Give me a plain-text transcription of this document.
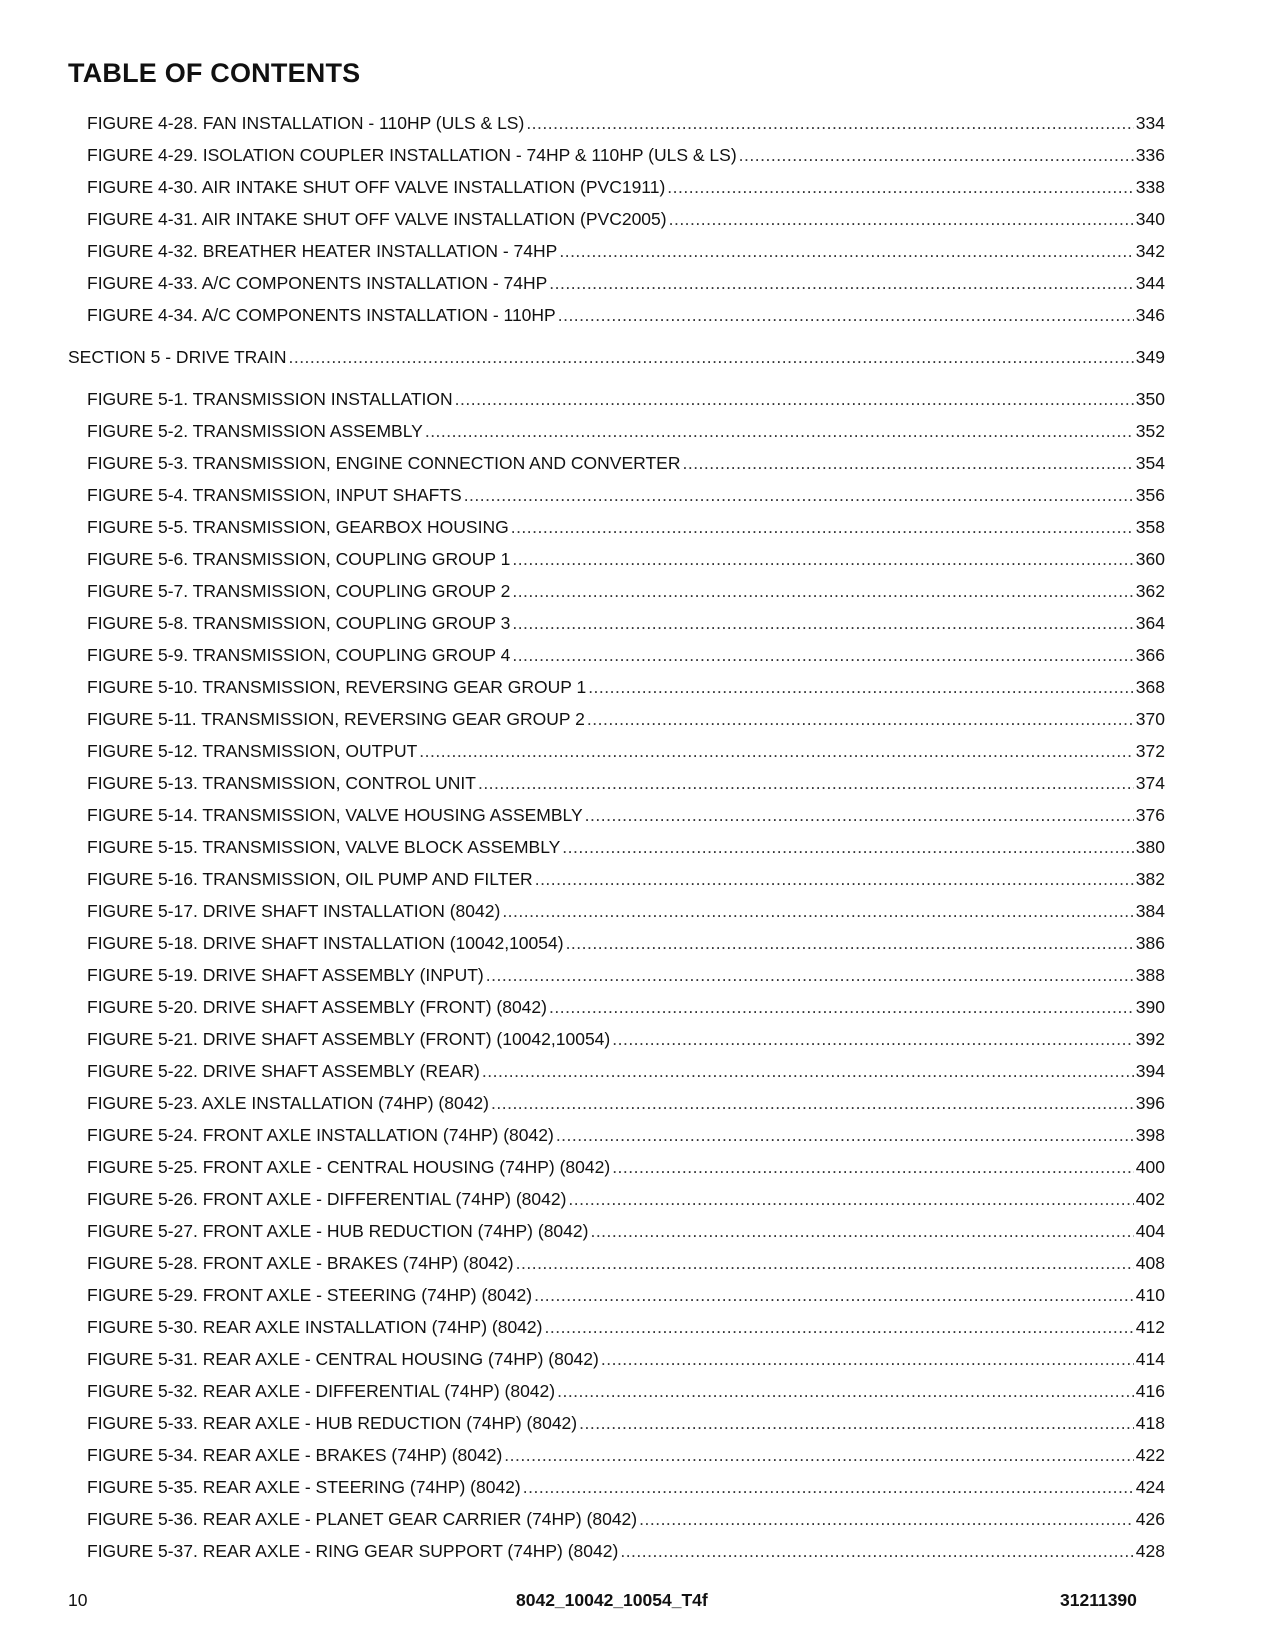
TABLE OF CONTENTS
FIGURE 4-28. FAN INSTALLATION - 110HP (ULS & LS) .....	334
FIGURE 4-29. ISOLATION COUPLER INSTALLATION - 74HP & 110HP (ULS & LS) .....	336
FIGURE 4-30. AIR INTAKE SHUT OFF VALVE INSTALLATION (PVC1911) .....	338
FIGURE 4-31. AIR INTAKE SHUT OFF VALVE INSTALLATION (PVC2005) .....	340
FIGURE 4-32. BREATHER HEATER INSTALLATION - 74HP .....	342
FIGURE 4-33. A/C COMPONENTS INSTALLATION - 74HP .....	344
FIGURE 4-34. A/C COMPONENTS INSTALLATION - 110HP .....	346
SECTION 5 - DRIVE TRAIN .....	349
FIGURE 5-1. TRANSMISSION INSTALLATION .....	350
FIGURE 5-2. TRANSMISSION ASSEMBLY .....	352
FIGURE 5-3. TRANSMISSION, ENGINE CONNECTION AND CONVERTER .....	354
FIGURE 5-4. TRANSMISSION, INPUT SHAFTS .....	356
FIGURE 5-5. TRANSMISSION, GEARBOX HOUSING .....	358
FIGURE 5-6. TRANSMISSION, COUPLING GROUP 1 .....	360
FIGURE 5-7. TRANSMISSION, COUPLING GROUP 2 .....	362
FIGURE 5-8. TRANSMISSION, COUPLING GROUP 3 .....	364
FIGURE 5-9. TRANSMISSION, COUPLING GROUP 4 .....	366
FIGURE 5-10. TRANSMISSION, REVERSING GEAR GROUP 1 .....	368
FIGURE 5-11. TRANSMISSION, REVERSING GEAR GROUP 2 .....	370
FIGURE 5-12. TRANSMISSION, OUTPUT .....	372
FIGURE 5-13. TRANSMISSION, CONTROL UNIT .....	374
FIGURE 5-14. TRANSMISSION, VALVE HOUSING ASSEMBLY .....	376
FIGURE 5-15. TRANSMISSION, VALVE BLOCK ASSEMBLY .....	380
FIGURE 5-16. TRANSMISSION, OIL PUMP AND FILTER .....	382
FIGURE 5-17. DRIVE SHAFT INSTALLATION (8042) .....	384
FIGURE 5-18. DRIVE SHAFT INSTALLATION (10042,10054) .....	386
FIGURE 5-19. DRIVE SHAFT ASSEMBLY (INPUT) .....	388
FIGURE 5-20. DRIVE SHAFT ASSEMBLY (FRONT) (8042) .....	390
FIGURE 5-21. DRIVE SHAFT ASSEMBLY (FRONT) (10042,10054) .....	392
FIGURE 5-22. DRIVE SHAFT ASSEMBLY (REAR) .....	394
FIGURE 5-23. AXLE INSTALLATION (74HP) (8042) .....	396
FIGURE 5-24. FRONT AXLE INSTALLATION (74HP) (8042) .....	398
FIGURE 5-25. FRONT AXLE - CENTRAL HOUSING (74HP) (8042) .....	400
FIGURE 5-26. FRONT AXLE - DIFFERENTIAL (74HP) (8042) .....	402
FIGURE 5-27. FRONT AXLE - HUB REDUCTION (74HP) (8042) .....	404
FIGURE 5-28. FRONT AXLE - BRAKES (74HP) (8042) .....	408
FIGURE 5-29. FRONT AXLE - STEERING (74HP) (8042) .....	410
FIGURE 5-30. REAR AXLE INSTALLATION (74HP) (8042) .....	412
FIGURE 5-31. REAR AXLE - CENTRAL HOUSING (74HP) (8042) .....	414
FIGURE 5-32. REAR AXLE - DIFFERENTIAL (74HP) (8042) .....	416
FIGURE 5-33. REAR AXLE - HUB REDUCTION (74HP) (8042) .....	418
FIGURE 5-34. REAR AXLE - BRAKES (74HP) (8042) .....	422
FIGURE 5-35. REAR AXLE - STEERING (74HP) (8042) .....	424
FIGURE 5-36. REAR AXLE - PLANET GEAR CARRIER (74HP) (8042) .....	426
FIGURE 5-37. REAR AXLE - RING GEAR SUPPORT (74HP) (8042) .....	428
10	8042_10042_10054_T4f	31211390
